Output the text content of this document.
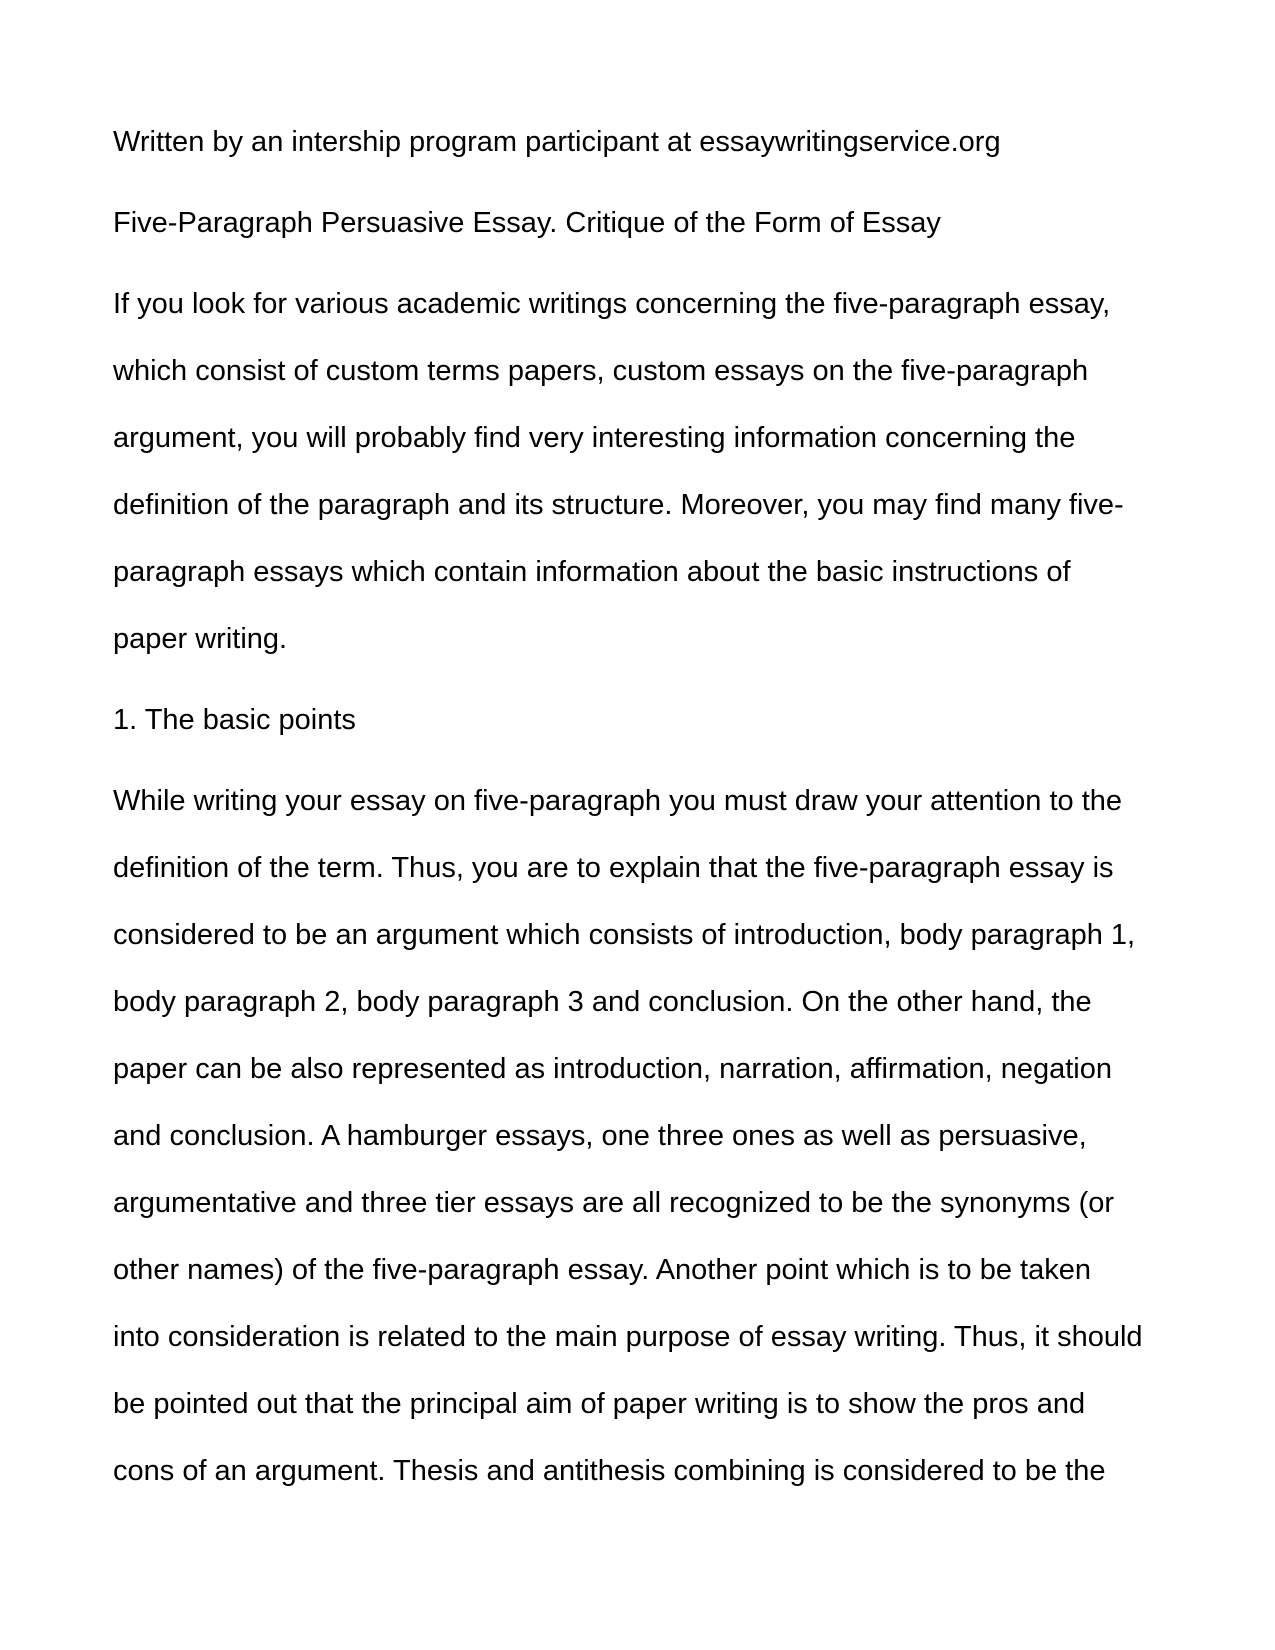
Written by an intership program participant at essaywritingservice.org

Five-Paragraph Persuasive Essay. Critique of the Form of Essay

If you look for various academic writings concerning the five-paragraph essay,
which consist of custom terms papers, custom essays on the five-paragraph
argument, you will probably find very interesting information concerning the
definition of the paragraph and its structure. Moreover, you may find many five-
paragraph essays which contain information about the basic instructions of
paper writing.

1. The basic points

While writing your essay on five-paragraph you must draw your attention to the
definition of the term. Thus, you are to explain that the five-paragraph essay is
considered to be an argument which consists of introduction, body paragraph 1,
body paragraph 2, body paragraph 3 and conclusion. On the other hand, the
paper can be also represented as introduction, narration, affirmation, negation
and conclusion. A hamburger essays, one three ones as well as persuasive,
argumentative and three tier essays are all recognized to be the synonyms (or
other names) of the five-paragraph essay. Another point which is to be taken
into consideration is related to the main purpose of essay writing. Thus, it should
be pointed out that the principal aim of paper writing is to show the pros and
cons of an argument. Thesis and antithesis combining is considered to be the
